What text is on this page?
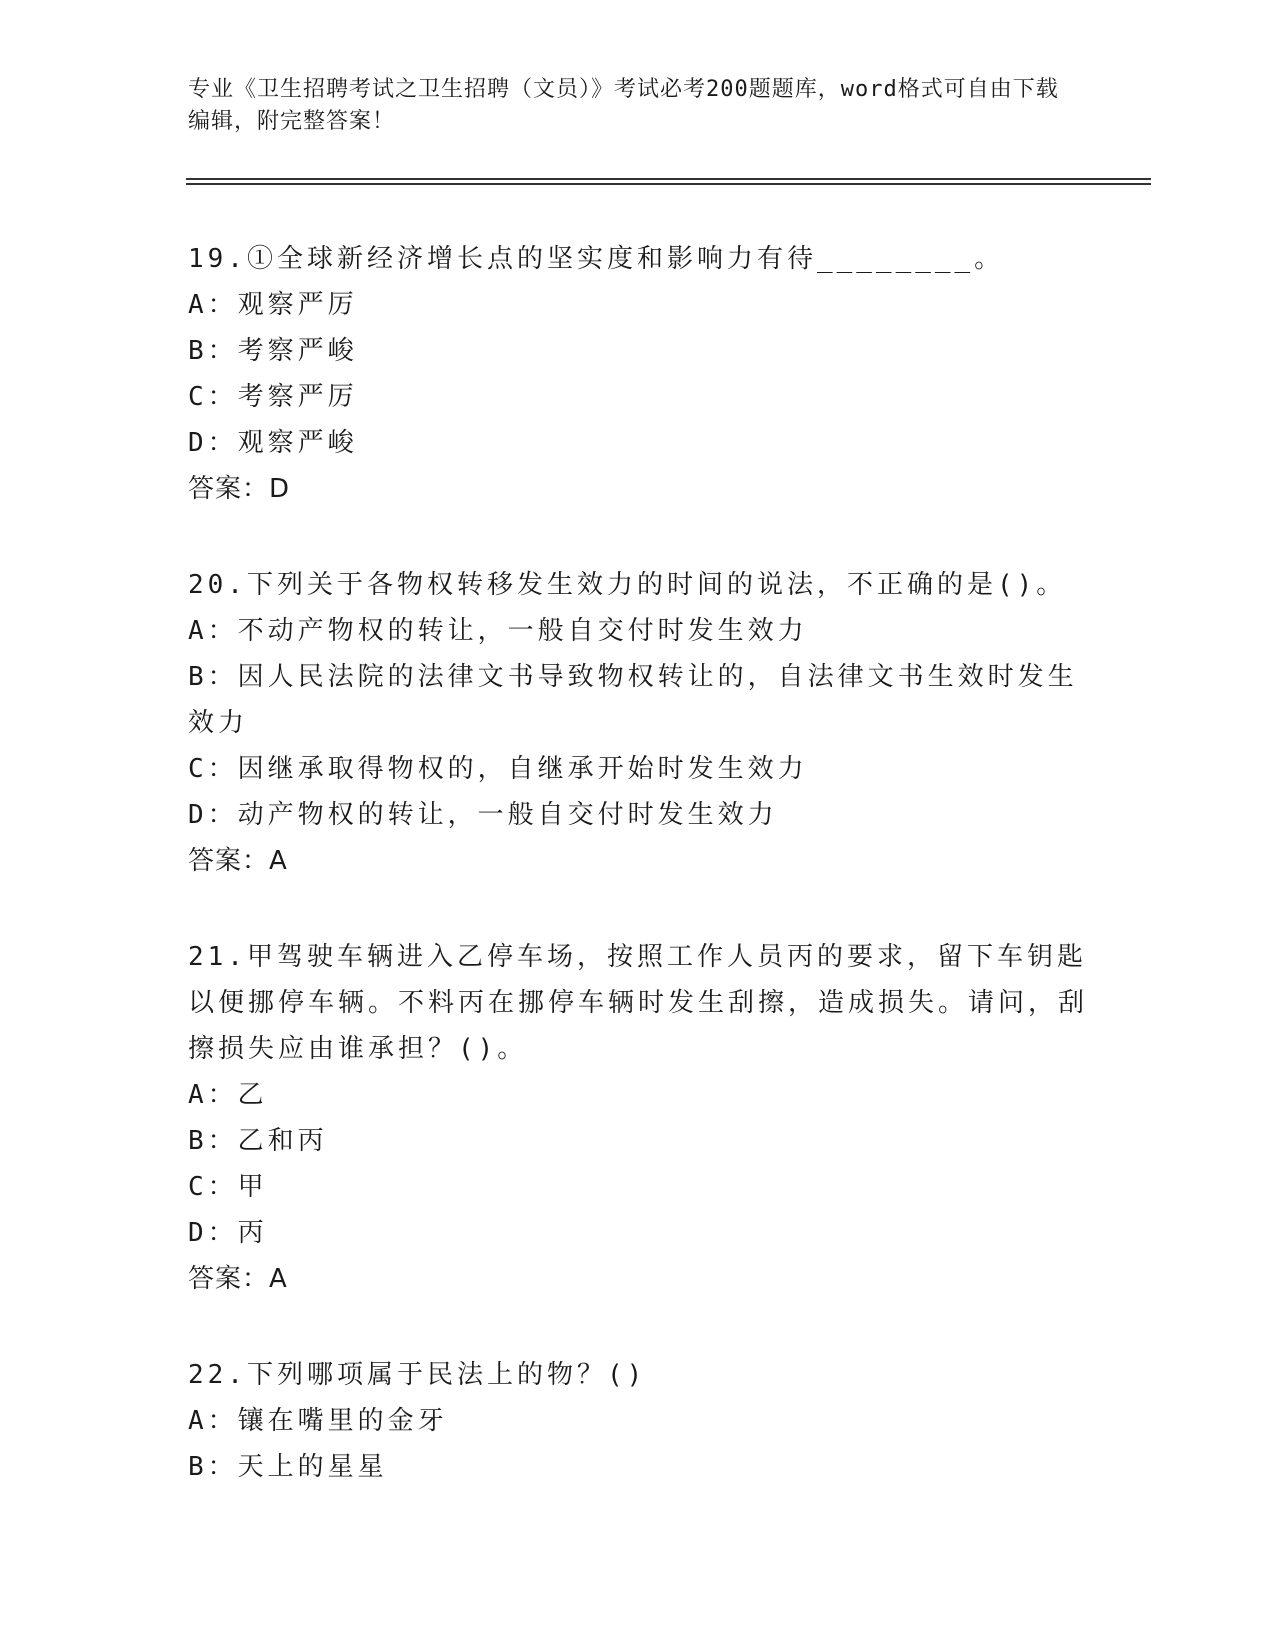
专业《卫生招聘考试之卫生招聘（文员）》考试必考200题题库，word格式可自由下载编辑，附完整答案！
19.①全球新经济增长点的坚实度和影响力有待________。
A：观察严厉
B：考察严峻
C：考察严厉
D：观察严峻
答案：D
20.下列关于各物权转移发生效力的时间的说法，不正确的是()。
A：不动产物权的转让，一般自交付时发生效力
B：因人民法院的法律文书导致物权转让的，自法律文书生效时发生效力
C：因继承取得物权的，自继承开始时发生效力
D：动产物权的转让，一般自交付时发生效力
答案：A
21.甲驾驶车辆进入乙停车场，按照工作人员丙的要求，留下车钥匙以便挪停车辆。不料丙在挪停车辆时发生刮擦，造成损失。请问，刮擦损失应由谁承担？()。
A：乙
B：乙和丙
C：甲
D：丙
答案：A
22.下列哪项属于民法上的物？()
A：镶在嘴里的金牙
B：天上的星星
